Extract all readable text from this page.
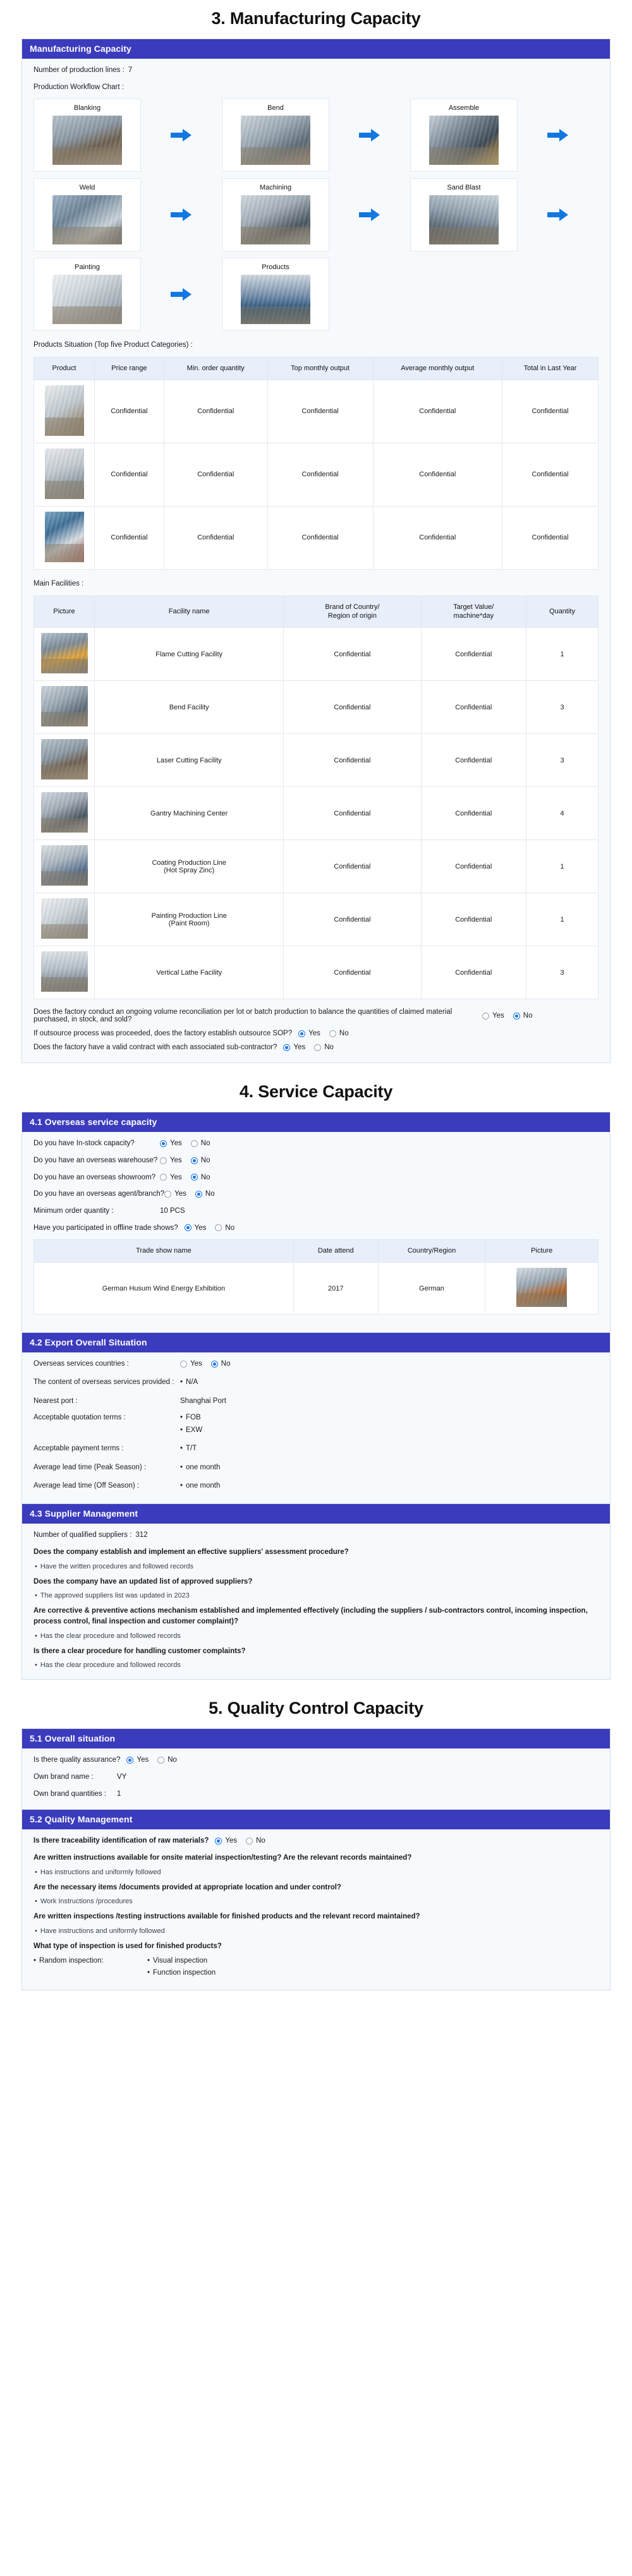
3. Manufacturing Capacity
Manufacturing Capacity
Number of production lines : 7
Production Workflow Chart :
Blanking	Bend	Assemble
Weld	Machining	Sand Blast
Painting	Products
Products Situation (Top five Product Categories) :
Product	Price range	Min. order quantity	Top monthly output	Average monthly output	Total in Last Year

	Confidential	Confidential	Confidential	Confidential	Confidential

	Confidential	Confidential	Confidential	Confidential	Confidential

	Confidential	Confidential	Confidential	Confidential	Confidential
Main Facilities :
Picture	Facility name	Brand of Country/
Region of origin	Target Value/
machine*day	Quantity

	Flame Cutting Facility	Confidential	Confidential	1

	Bend Facility	Confidential	Confidential	3

	Laser Cutting Facility	Confidential	Confidential	3

	Gantry Machining Center	Confidential	Confidential	4

	Coating Production Line
(Hot Spray Zinc)	Confidential	Confidential	1

	Painting Production Line
(Paint Room)	Confidential	Confidential	1

	Vertical Lathe Facility	Confidential	Confidential	3
Does the factory conduct an ongoing volume reconciliation per lot or batch production to balance the quantities of claimed material purchased, in stock, and sold?	Yes	No
If outsource process was proceeded, does the factory establish outsource SOP? Yes	No
Does the factory have a valid contract with each associated sub-contractor? Yes	No
4. Service Capacity
4.1 Overseas service capacity
Do you have In-stock capacity?	Yes	No
Do you have an overseas warehouse?	Yes	No
Do you have an overseas showroom?	Yes	No
Do you have an overseas agent/branch? Yes	No
Minimum order quantity :	10 PCS
Have you participated in offline trade shows? Yes	No
Trade show name	Date attend	Country/Region	Picture
German Husum Wind Energy Exhibition	2017	German	
4.2 Export Overall Situation
Overseas services countries :	Yes	No
The content of overseas services provided :	• N/A
Nearest port :	Shanghai Port
Acceptable quotation terms :	• FOB
• EXW
Acceptable payment terms :	• T/T
Average lead time (Peak Season) :	• one month
Average lead time (Off Season) :	• one month
4.3 Supplier Management
Number of qualified suppliers : 312
Does the company establish and implement an effective suppliers' assessment procedure?
• Have the written procedures and followed records
Does the company have an updated list of approved suppliers?
• The approved suppliers list was updated in 2023
Are corrective & preventive actions mechanism established and implemented effectively (including the suppliers / sub-contractors control, incoming inspection, process control, final inspection and customer complaint)?
• Has the clear procedure and followed records
Is there a clear procedure for handling customer complaints?
• Has the clear procedure and followed records
5. Quality Control Capacity
5.1 Overall situation
Is there quality assurance? Yes	No
Own brand name :	VY
Own brand quantities :	1
5.2 Quality Management
Is there traceability identification of raw materials? Yes	No
Are written instructions available for onsite material inspection/testing? Are the relevant records maintained?
• Has instructions and uniformly followed
Are the necessary items /documents provided at appropriate location and under control?
• Work Instructions /procedures
Are written inspections /testing instructions available for finished products and the relevant record maintained?
• Have instructions and uniformly followed
What type of inspection is used for finished products?
• Random inspection:	• Visual inspection
• Function inspection
